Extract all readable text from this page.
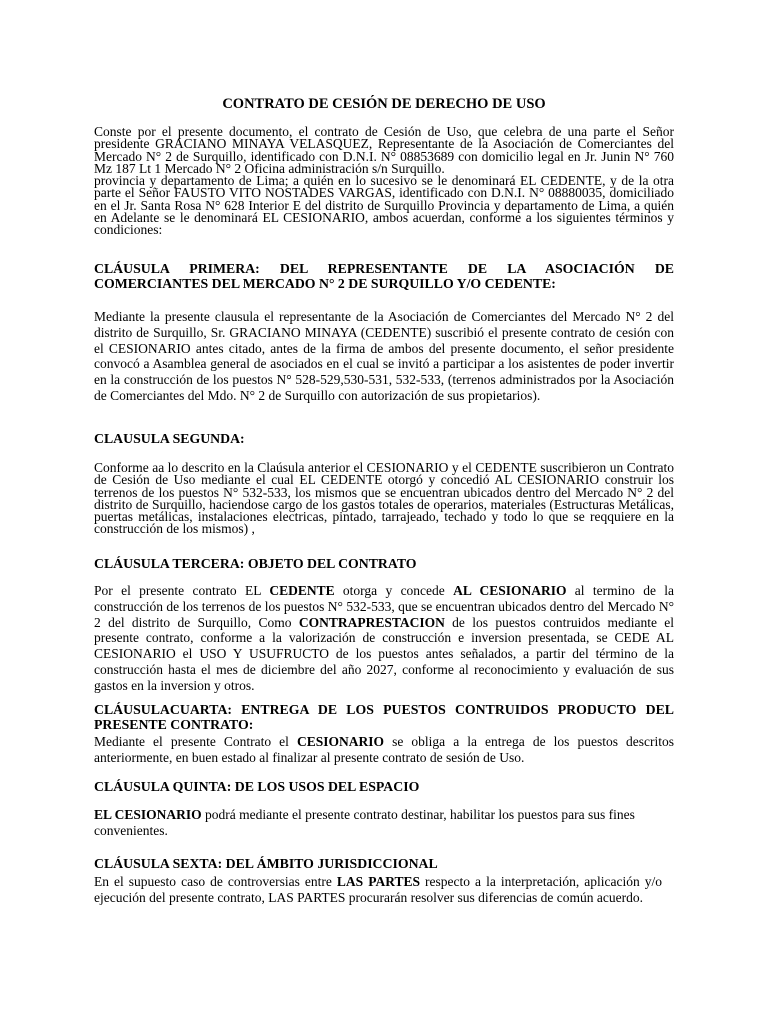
CONTRATO DE CESIÓN DE DERECHO DE USO

Conste por el presente documento, el contrato de Cesión de Uso, que celebra de una parte el Señor presidente GRACIANO MINAYA VELASQUEZ, Representante de la Asociación de Comerciantes del Mercado N° 2 de Surquillo, identificado con D.N.I. N° 08853689 con domicilio legal en Jr. Junin N° 760 Mz 187 Lt 1 Mercado N° 2 Oficina administración s/n Surquillo.

provincia y departamento de Lima; a quién en lo sucesivo se le denominará EL CEDENTE, y de la otra parte el Señor FAUSTO VITO NOSTADES VARGAS, identificado con D.N.I. N° 08880035, domiciliado en el Jr. Santa Rosa N° 628 Interior E del distrito de Surquillo Provincia y departamento de Lima, a quién en Adelante se le denominará EL CESIONARIO, ambos acuerdan, conforme a los siguientes términos y condiciones:

CLÁUSULA PRIMERA: DEL REPRESENTANTE DE LA ASOCIACIÓN DE COMERCIANTES DEL MERCADO N° 2 DE SURQUILLO Y/O CEDENTE:
Mediante la presente clausula el representante de la Asociación de Comerciantes del Mercado N° 2 del distrito de Surquillo, Sr. GRACIANO MINAYA (CEDENTE) suscribió el presente contrato de cesión con el CESIONARIO antes citado, antes de la firma de ambos del presente documento, el señor presidente convocó a Asamblea general de asociados en el cual se invitó a participar a los asistentes de poder invertir en la construcción de los puestos N° 528-529,530-531, 532-533, (terrenos administrados por la Asociación de Comerciantes del Mdo. N° 2 de Surquillo con autorización de sus propietarios).
CLAUSULA SEGUNDA:
Conforme aa lo descrito en la Claúsula anterior el CESIONARIO y el CEDENTE suscribieron un Contrato de Cesión de Uso mediante el cual EL CEDENTE otorgó y concedió AL CESIONARIO construir los terrenos de los puestos N° 532-533, los mismos que se encuentran ubicados dentro del Mercado N° 2 del distrito de Surquillo, haciendose cargo de los gastos totales de operarios, materiales (Estructuras Metálicas, puertas metálicas, instalaciones electricas, pintado, tarrajeado, techado y todo lo que se reqquiere en la construcción de los mismos) ,
CLÁUSULA TERCERA: OBJETO DEL CONTRATO
Por el presente contrato EL CEDENTE otorga y concede AL CESIONARIO al termino de la construcción de los terrenos de los puestos N° 532-533, que se encuentran ubicados dentro del Mercado N° 2 del distrito de Surquillo, Como CONTRAPRESTACION de los puestos contruidos mediante el presente contrato, conforme a la valorización de construcción e inversion presentada, se CEDE AL CESIONARIO el USO Y USUFRUCTO de los puestos antes señalados, a partir del término de la construcción hasta el mes de diciembre del año 2027, conforme al reconocimiento y evaluación de sus gastos en la inversion y otros.
CLÁUSULACUARTA: ENTREGA DE LOS PUESTOS CONTRUIDOS PRODUCTO DEL PRESENTE CONTRATO:
Mediante el presente Contrato el CESIONARIO se obliga a la entrega de los puestos descritos anteriormente, en buen estado al finalizar al presente contrato de sesión de Uso.
CLÁUSULA QUINTA: DE LOS USOS DEL ESPACIO
EL CESIONARIO podrá mediante el presente contrato destinar, habilitar los puestos para sus fines convenientes.
CLÁUSULA SEXTA: DEL ÁMBITO JURISDICCIONAL
En el supuesto caso de controversias entre LAS PARTES respecto a la interpretación, aplicación y/o ejecución del presente contrato, LAS PARTES procurarán resolver sus diferencias de común acuerdo.
